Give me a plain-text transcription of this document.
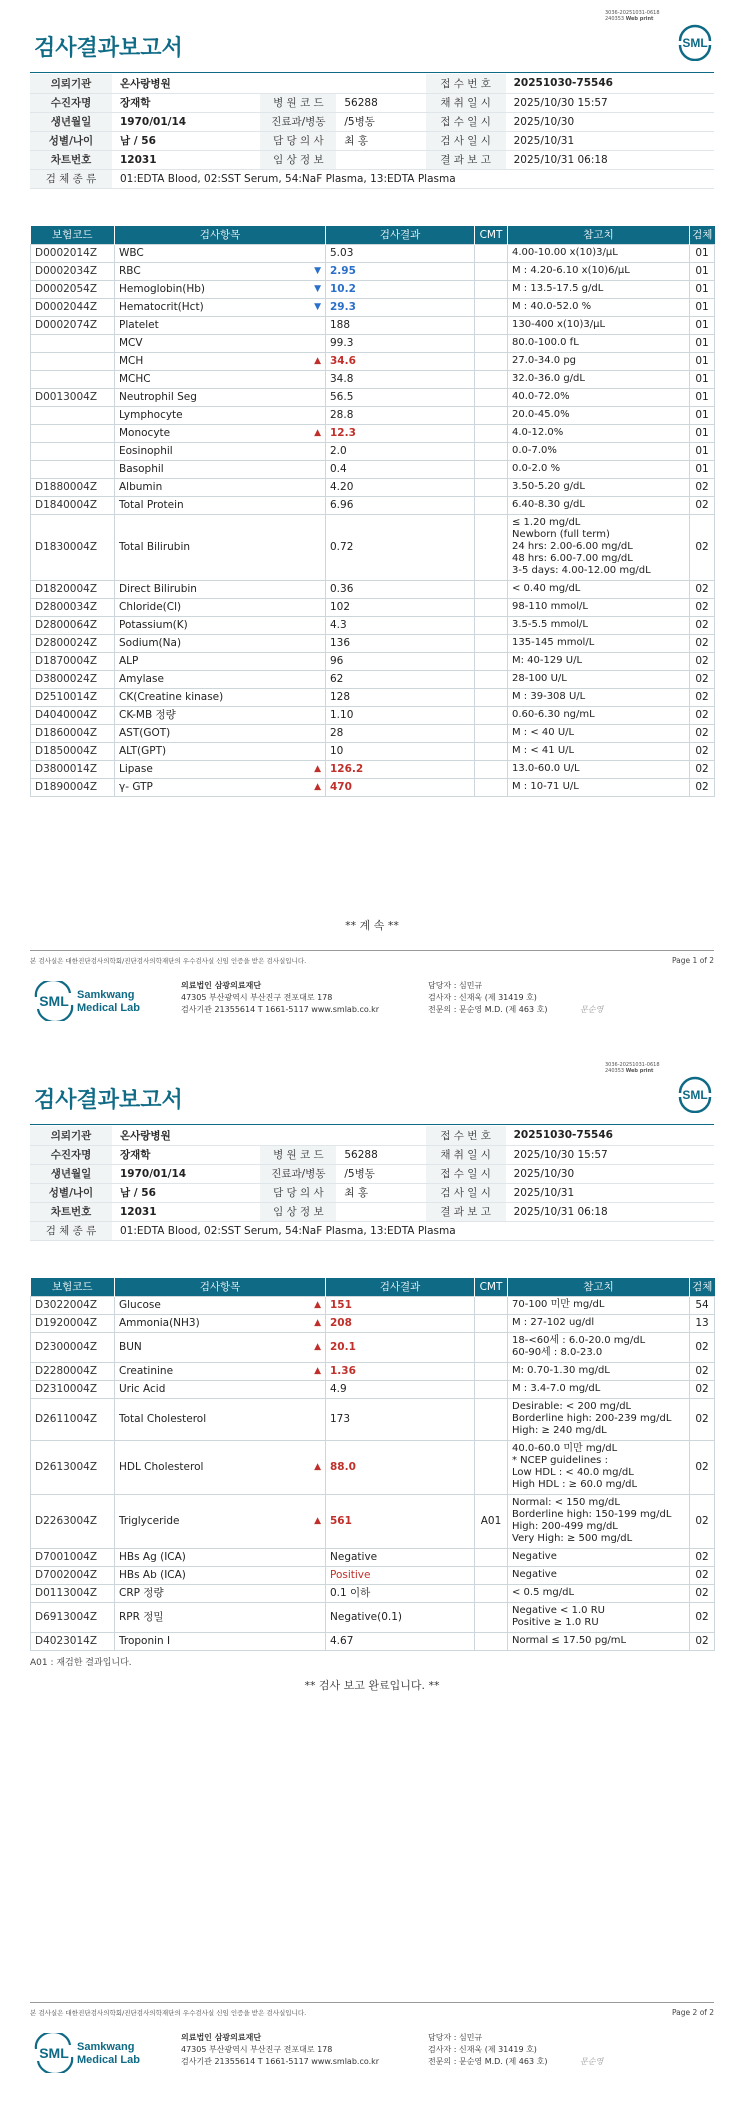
3036-20251031-0618
240353 Web print
검사결과보고서	SML
의뢰기관	온사랑병원			접 수 번 호	20251030-75546
수진자명	장재학	병 원 코 드	56288	채 취 일 시	2025/10/30 15:57
생년월일	1970/01/14	진료과/병동	/5병동	접 수 일 시	2025/10/30
성별/나이	남 / 56	담 당 의 사	최 홍	검 사 일 시	2025/10/31
차트번호	12031	임 상 정 보		결 과 보 고	2025/10/31 06:18
검 체 종 류	01:EDTA Blood, 02:SST Serum, 54:NaF Plasma, 13:EDTA Plasma				
보험코드	검사항목	검사결과	CMT	참고치	검체
D0002014Z	WBC	5.03		4.00-10.00 x(10)3/μL	01
D0002034Z	RBC ▼	2.95		M : 4.20-6.10 x(10)6/μL	01
D0002054Z	Hemoglobin(Hb) ▼	10.2		M : 13.5-17.5 g/dL	01
D0002044Z	Hematocrit(Hct) ▼	29.3		M : 40.0-52.0 %	01
D0002074Z	Platelet	188		130-400 x(10)3/μL	01
	MCV	99.3		80.0-100.0 fL	01
	MCH ▲	34.6		27.0-34.0 pg	01
	MCHC	34.8		32.0-36.0 g/dL	01
D0013004Z	Neutrophil Seg	56.5		40.0-72.0%	01
	Lymphocyte	28.8		20.0-45.0%	01
	Monocyte ▲	12.3		4.0-12.0%	01
	Eosinophil	2.0		0.0-7.0%	01
	Basophil	0.4		0.0-2.0 %	01
D1880004Z	Albumin	4.20		3.50-5.20 g/dL	02
D1840004Z	Total Protein	6.96		6.40-8.30 g/dL	02
D1830004Z	Total Bilirubin	0.72		≤ 1.20 mg/dL
Newborn (full term)
24 hrs: 2.00-6.00 mg/dL
48 hrs: 6.00-7.00 mg/dL
3-5 days: 4.00-12.00 mg/dL	02
D1820004Z	Direct Bilirubin	0.36		< 0.40 mg/dL	02
D2800034Z	Chloride(Cl)	102		98-110 mmol/L	02
D2800064Z	Potassium(K)	4.3		3.5-5.5 mmol/L	02
D2800024Z	Sodium(Na)	136		135-145 mmol/L	02
D1870004Z	ALP	96		M: 40-129 U/L	02
D3800024Z	Amylase	62		28-100 U/L	02
D2510014Z	CK(Creatine kinase)	128		M : 39-308 U/L	02
D4040004Z	CK-MB 정량	1.10		0.60-6.30 ng/mL	02
D1860004Z	AST(GOT)	28		M : < 40 U/L	02
D1850004Z	ALT(GPT)	10		M : < 41 U/L	02
D3800014Z	Lipase ▲	126.2		13.0-60.0 U/L	02
D1890004Z	γ- GTP ▲	470		M : 10-71 U/L	02
** 계 속 **
본 검사실은 대한진단검사의학회/진단검사의학재단의 우수검사실 신임 인증을 받은 검사실입니다.	Page 1 of 2
SML Samkwang
Medical Lab
의료법인 삼광의료재단
47305 부산광역시 부산진구 전포대로 178
검사기관 21355614 T 1661-5117 www.smlab.co.kr
담당자 : 심민규
검사자 : 신재욱 (제 31419 호)
전문의 : 문순영 M.D. (제 463 호)	문순영
3036-20251031-0618
240353 Web print
검사결과보고서	SML
의뢰기관	온사랑병원			접 수 번 호	20251030-75546
수진자명	장재학	병 원 코 드	56288	채 취 일 시	2025/10/30 15:57
생년월일	1970/01/14	진료과/병동	/5병동	접 수 일 시	2025/10/30
성별/나이	남 / 56	담 당 의 사	최 홍	검 사 일 시	2025/10/31
차트번호	12031	임 상 정 보		결 과 보 고	2025/10/31 06:18
검 체 종 류	01:EDTA Blood, 02:SST Serum, 54:NaF Plasma, 13:EDTA Plasma				
보험코드	검사항목	검사결과	CMT	참고치	검체
D3022004Z	Glucose ▲	151		70-100 미만 mg/dL	54
D1920004Z	Ammonia(NH3) ▲	208		M : 27-102 ug/dl	13
D2300004Z	BUN ▲	20.1		18-<60세 : 6.0-20.0 mg/dL
60-90세 : 8.0-23.0	02
D2280004Z	Creatinine ▲	1.36		M: 0.70-1.30 mg/dL	02
D2310004Z	Uric Acid	4.9		M : 3.4-7.0 mg/dL	02
D2611004Z	Total Cholesterol	173		Desirable: < 200 mg/dL
Borderline high: 200-239 mg/dL
High: ≥ 240 mg/dL	02
D2613004Z	HDL Cholesterol ▲	88.0		40.0-60.0 미만 mg/dL
* NCEP guidelines :
Low HDL : < 40.0 mg/dL
High HDL : ≥ 60.0 mg/dL	02
D2263004Z	Triglyceride ▲	561	A01	Normal: < 150 mg/dL
Borderline high: 150-199 mg/dL
High: 200-499 mg/dL
Very High: ≥ 500 mg/dL	02
D7001004Z	HBs Ag (ICA)	Negative		Negative	02
D7002004Z	HBs Ab (ICA)	Positive		Negative	02
D0113004Z	CRP 정량	0.1 이하		< 0.5 mg/dL	02
D6913004Z	RPR 정밀	Negative(0.1)		Negative < 1.0 RU
Positive ≥ 1.0 RU	02
D4023014Z	Troponin I	4.67		Normal ≤ 17.50 pg/mL	02
A01 : 재검한 결과입니다.
** 검사 보고 완료입니다. **
본 검사실은 대한진단검사의학회/진단검사의학재단의 우수검사실 신임 인증을 받은 검사실입니다.	Page 2 of 2
SML Samkwang
Medical Lab
의료법인 삼광의료재단
47305 부산광역시 부산진구 전포대로 178
검사기관 21355614 T 1661-5117 www.smlab.co.kr
담당자 : 심민규
검사자 : 신재욱 (제 31419 호)
전문의 : 문순영 M.D. (제 463 호)	문순영
